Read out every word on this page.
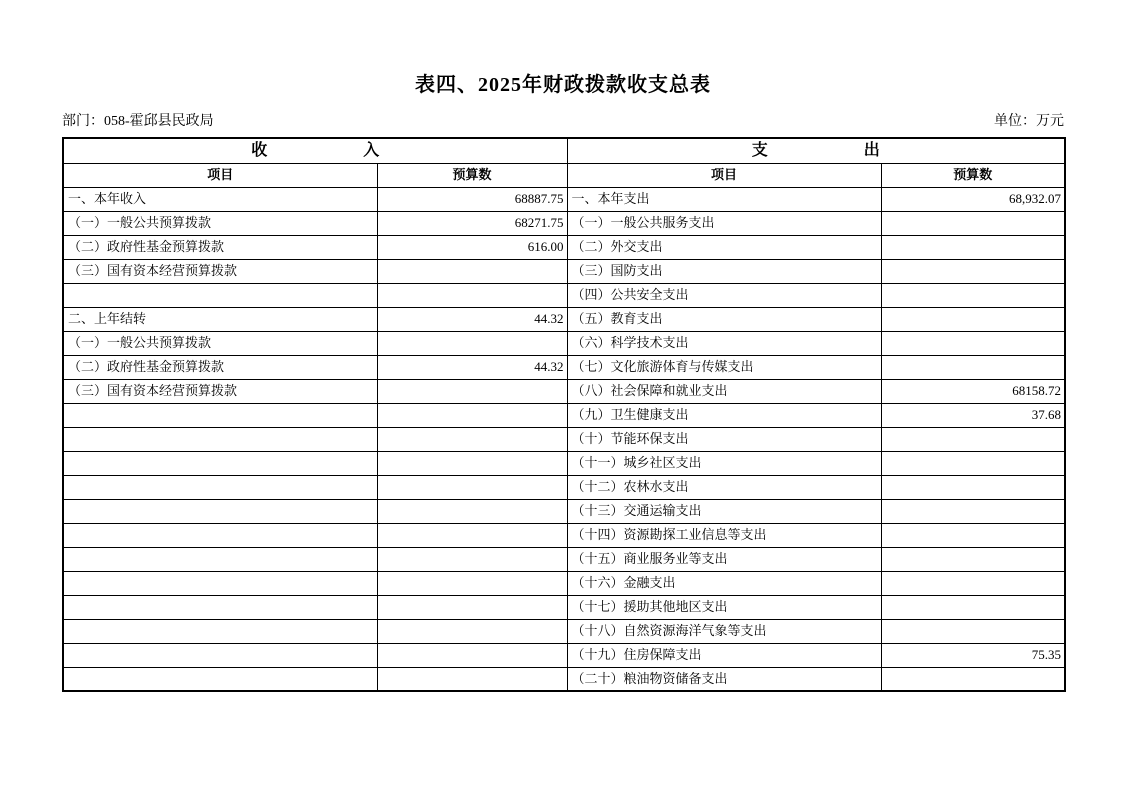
表四、2025年财政拨款收支总表
部门：058-霍邱县民政局	单位：万元
收入		支出	
项目	预算数	项目	预算数
一、本年收入	68887.75	一、本年支出	68,932.07
（一）一般公共预算拨款	68271.75	（一）一般公共服务支出	
（二）政府性基金预算拨款	616.00	（二）外交支出	
（三）国有资本经营预算拨款		（三）国防支出	
		（四）公共安全支出	
二、上年结转	44.32	（五）教育支出	
（一）一般公共预算拨款		（六）科学技术支出	
（二）政府性基金预算拨款	44.32	（七）文化旅游体育与传媒支出	
（三）国有资本经营预算拨款		（八）社会保障和就业支出	68158.72
		（九）卫生健康支出	37.68
		（十）节能环保支出	
		（十一）城乡社区支出	
		（十二）农林水支出	
		（十三）交通运输支出	
		（十四）资源勘探工业信息等支出	
		（十五）商业服务业等支出	
		（十六）金融支出	
		（十七）援助其他地区支出	
		（十八）自然资源海洋气象等支出	
		（十九）住房保障支出	75.35
		（二十）粮油物资储备支出	
